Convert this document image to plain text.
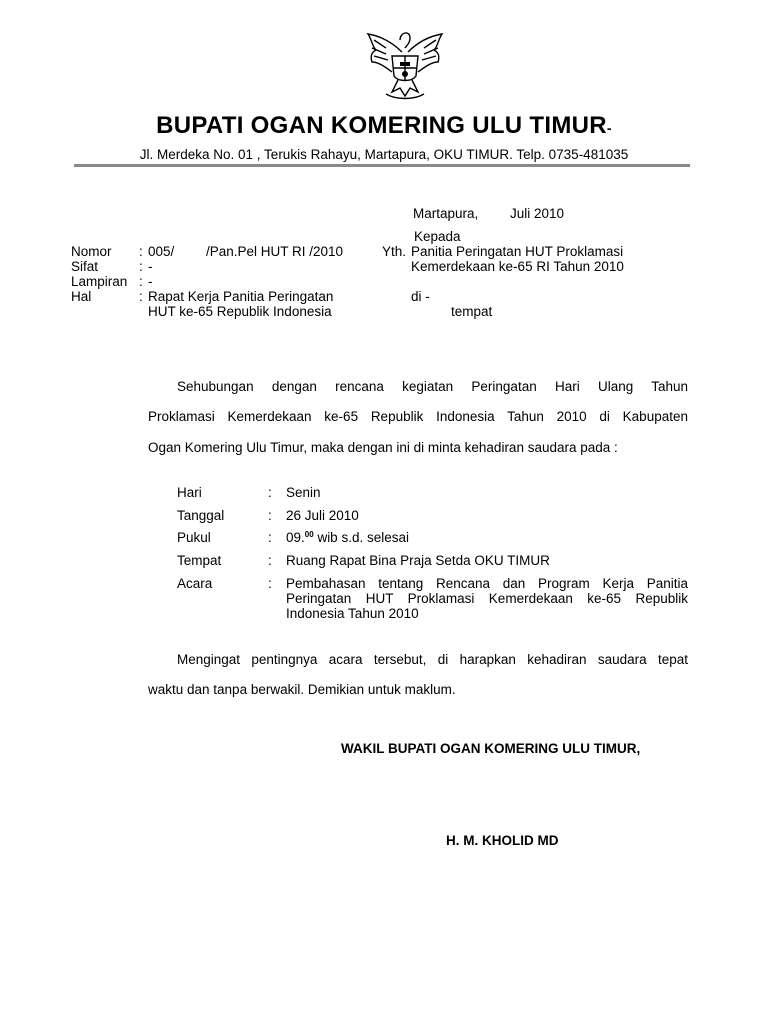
BUPATI OGAN KOMERING ULU TIMUR-
Jl. Merdeka No. 01 , Terukis Rahayu, Martapura, OKU TIMUR. Telp. 0735-481035
Martapura, Juli 2010
Kepada
Yth. Panitia Peringatan HUT Proklamasi
Kemerdekaan ke-65 RI Tahun 2010
di -
tempat
Nomor : 005/ /Pan.Pel HUT RI /2010
Sifat	: -
Lampiran : -
Hal	: Rapat Kerja Panitia Peringatan
HUT ke-65 Republik Indonesia
Sehubungan dengan rencana kegiatan Peringatan Hari Ulang Tahun
Proklamasi Kemerdekaan ke-65 Republik Indonesia Tahun 2010 di Kabupaten
Ogan Komering Ulu Timur, maka dengan ini di minta kehadiran saudara pada :
Hari	: Senin
Tanggal	: 26 Juli 2010
Pukul	: 09.00 wib s.d. selesai
Tempat	: Ruang Rapat Bina Praja Setda OKU TIMUR
Acara	: Pembahasan tentang Rencana dan Program Kerja Panitia
Peringatan HUT Proklamasi Kemerdekaan ke-65 Republik
Indonesia Tahun 2010
Mengingat pentingnya acara tersebut, di harapkan kehadiran saudara tepat
waktu dan tanpa berwakil. Demikian untuk maklum.
WAKIL BUPATI OGAN KOMERING ULU TIMUR,
H. M. KHOLID MD
